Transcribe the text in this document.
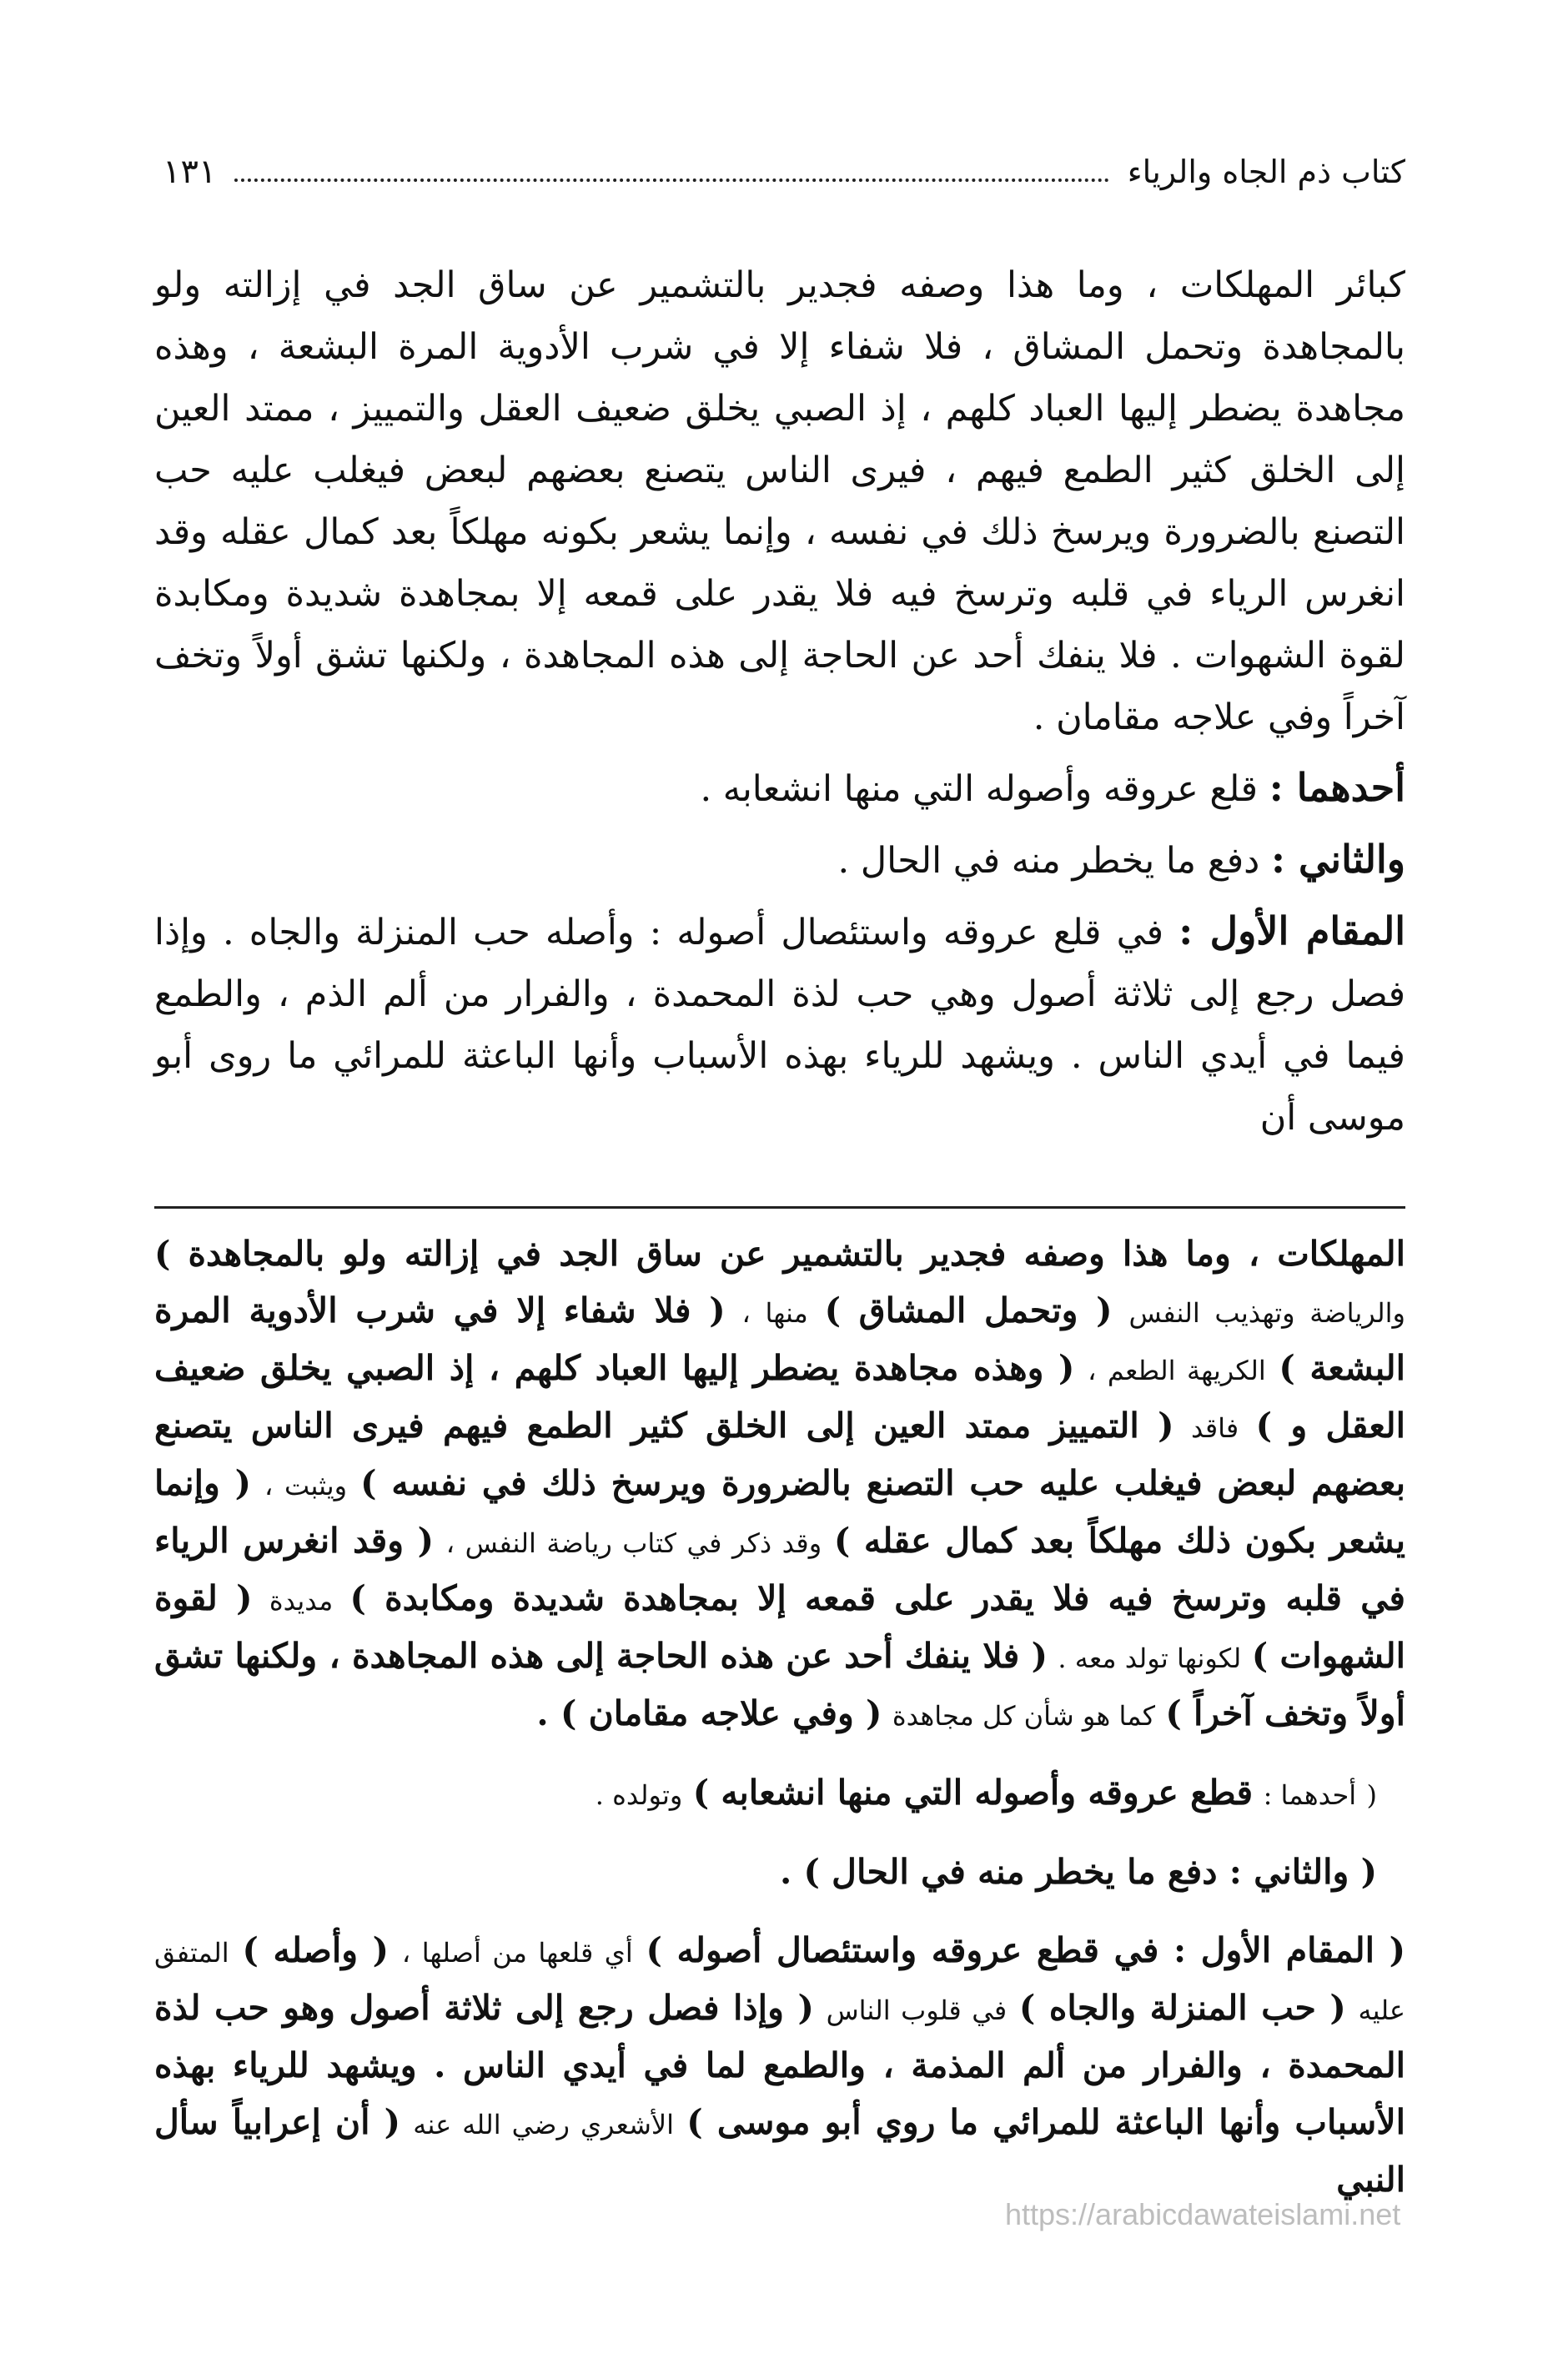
كتاب ذم الجاه والرياء
١٣١

كبائر المهلكات ، وما هذا وصفه فجدير بالتشمير عن ساق الجد في إزالته ولو بالمجاهدة وتحمل المشاق ، فلا شفاء إلا في شرب الأدوية المرة البشعة ، وهذه مجاهدة يضطر إليها العباد كلهم ، إذ الصبي يخلق ضعيف العقل والتمييز ، ممتد العين إلى الخلق كثير الطمع فيهم ، فيرى الناس يتصنع بعضهم لبعض فيغلب عليه حب التصنع بالضرورة ويرسخ ذلك في نفسه ، وإنما يشعر بكونه مهلكاً بعد كمال عقله وقد انغرس الرياء في قلبه وترسخ فيه فلا يقدر على قمعه إلا بمجاهدة شديدة ومكابدة لقوة الشهوات . فلا ينفك أحد عن الحاجة إلى هذه المجاهدة ، ولكنها تشق أولاً وتخف آخراً وفي علاجه مقامان .

أحدهما : قلع عروقه وأصوله التي منها انشعابه .

والثاني : دفع ما يخطر منه في الحال .

المقام الأول : في قلع عروقه واستئصال أصوله : وأصله حب المنزلة والجاه . وإذا فصل رجع إلى ثلاثة أصول وهي حب لذة المحمدة ، والفرار من ألم الذم ، والطمع فيما في أيدي الناس . ويشهد للرياء بهذه الأسباب وأنها الباعثة للمرائي ما روى أبو موسى أن

المهلكات ، وما هذا وصفه فجدير بالتشمير عن ساق الجد في إزالته ولو بالمجاهدة ) والرياضة وتهذيب النفس ( وتحمل المشاق ) منها ، ( فلا شفاء إلا في شرب الأدوية المرة البشعة ) الكريهة الطعم ، ( وهذه مجاهدة يضطر إليها العباد كلهم ، إذ الصبي يخلق ضعيف العقل و ) فاقد ( التمييز ممتد العين إلى الخلق كثير الطمع فيهم فيرى الناس يتصنع بعضهم لبعض فيغلب عليه حب التصنع بالضرورة ويرسخ ذلك في نفسه ) ويثبت ، ( وإنما يشعر بكون ذلك مهلكاً بعد كمال عقله ) وقد ذكر في كتاب رياضة النفس ، ( وقد انغرس الرياء في قلبه وترسخ فيه فلا يقدر على قمعه إلا بمجاهدة شديدة ومكابدة ) مديدة ( لقوة الشهوات ) لكونها تولد معه . ( فلا ينفك أحد عن هذه الحاجة إلى هذه المجاهدة ، ولكنها تشق أولاً وتخف آخراً ) كما هو شأن كل مجاهدة ( وفي علاجه مقامان ) .

( أحدهما : قطع عروقه وأصوله التي منها انشعابه ) وتولده .

( والثاني : دفع ما يخطر منه في الحال ) .

( المقام الأول : في قطع عروقه واستئصال أصوله ) أي قلعها من أصلها ، ( وأصله ) المتفق عليه ( حب المنزلة والجاه ) في قلوب الناس ( وإذا فصل رجع إلى ثلاثة أصول وهو حب لذة المحمدة ، والفرار من ألم المذمة ، والطمع لما في أيدي الناس . ويشهد للرياء بهذه الأسباب وأنها الباعثة للمرائي ما روي أبو موسى ) الأشعري رضي الله عنه ( أن إعرابياً سأل النبي

https://arabicdawateislami.net
